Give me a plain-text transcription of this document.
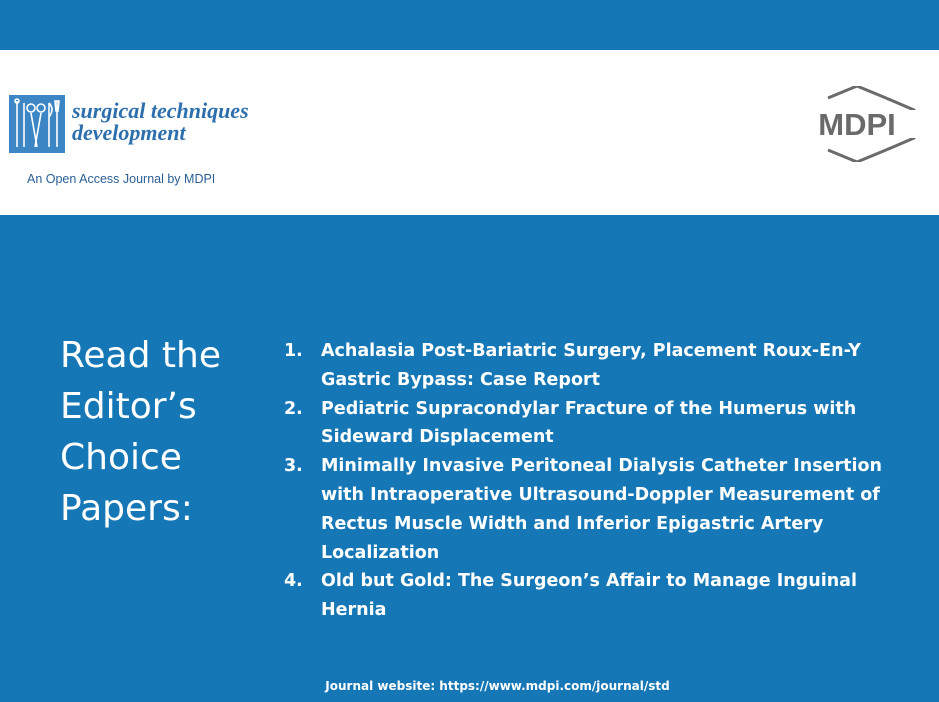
surgical techniques
development
An Open Access Journal by MDPI
MDPI
Read the
Editor’s
Choice
Papers:
1. Achalasia Post-Bariatric Surgery, Placement Roux-En-Y Gastric Bypass: Case Report
2. Pediatric Supracondylar Fracture of the Humerus with Sideward Displacement
3. Minimally Invasive Peritoneal Dialysis Catheter Insertion with Intraoperative Ultrasound-Doppler Measurement of Rectus Muscle Width and Inferior Epigastric Artery Localization
4. Old but Gold: The Surgeon’s Affair to Manage Inguinal Hernia
Journal website: https://www.mdpi.com/journal/std
